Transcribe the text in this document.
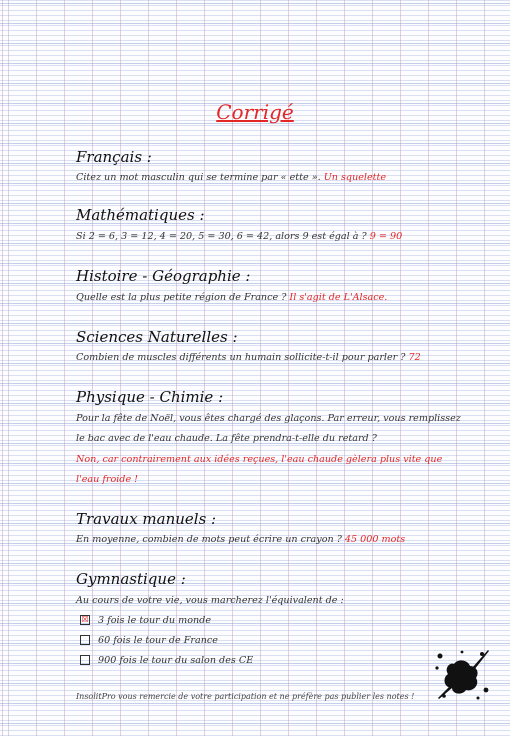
Corrigé
Français :
Citez un mot masculin qui se termine par « ette ». Un squelette
Mathématiques :
Si 2 = 6, 3 = 12, 4 = 20, 5 = 30, 6 = 42, alors 9 est égal à ? 9 = 90
Histoire - Géographie :
Quelle est la plus petite région de France ? Il s'agit de L'Alsace.
Sciences Naturelles :
Combien de muscles différents un humain sollicite-t-il pour parler ? 72
Physique - Chimie :
Pour la fête de Noël, vous êtes chargé des glaçons. Par erreur, vous remplissez
le bac avec de l'eau chaude. La fête prendra-t-elle du retard ?
Non, car contrairement aux idées reçues, l'eau chaude gèlera plus vite que
l'eau froide !
Travaux manuels :
En moyenne, combien de mots peut écrire un crayon ? 45 000 mots
Gymnastique :
Au cours de votre vie, vous marcherez l'équivalent de :
☒ 3 fois le tour du monde
60 fois le tour de France
900 fois le tour du salon des CE
InsolitPro vous remercie de votre participation et ne préfère pas publier les notes !
